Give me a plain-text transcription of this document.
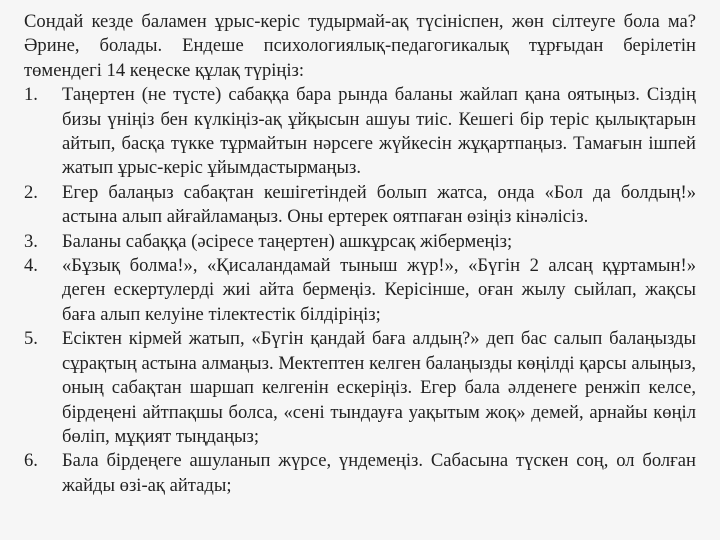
Сондай кезде баламен ұрыс-керіс тудырмай-ақ түсініспен, жөн сілтеуге бола ма? Әрине, болады. Ендеше психологиялық-педагогикалық тұрғыдан берілетін төмендегі 14 кеңеске құлақ түріңіз:

1. Таңертен (не түсте) сабаққа бара рында баланы жайлап қана оятыңыз. Сіздің бизы үніңіз бен күлкіңіз-ақ ұйқысын ашуы тиіс. Кешегі бір теріс қылықтарын айтып, басқа түкке тұрмайтын нәрсеге жүйкесін жұқартпаңыз. Тамағын ішпей жатып ұрыс-керіс ұйымдастырмаңыз.
2. Егер балаңыз сабақтан кешігетіндей болып жатса, онда «Бол да болдың!» астына алып айғайламаңыз. Оны ертерек оятпаған өзіңіз кінәлісіз.
3. Баланы сабаққа (әсіресе таңертен) ашкұрсақ жібермеңіз;
4. «Бұзық болма!», «Қисаландамай тыныш жүр!», «Бүгін 2 алсаң құртамын!» деген ескертулерді жиі айта бермеңіз. Керісінше, оған жылу сыйлап, жақсы баға алып келуіне тілектестік білдіріңіз;
5. Есіктен кірмей жатып, «Бүгін қандай баға алдың?» деп бас салып балаңызды сұрақтың астына алмаңыз. Мектептен келген балаңызды көңілді қарсы алыңыз, оның сабақтан шаршап келгенін ескеріңіз. Егер бала әлденеге ренжіп келсе, бірдеңені айтпақшы болса, «сені тындауға уақытым жоқ» демей, арнайы көңіл бөліп, мұқият тыңдаңыз;
6. Бала бірдеңеге ашуланып жүрсе, үндемеңіз. Сабасына түскен соң, ол болған жайды өзі-ақ айтады;
